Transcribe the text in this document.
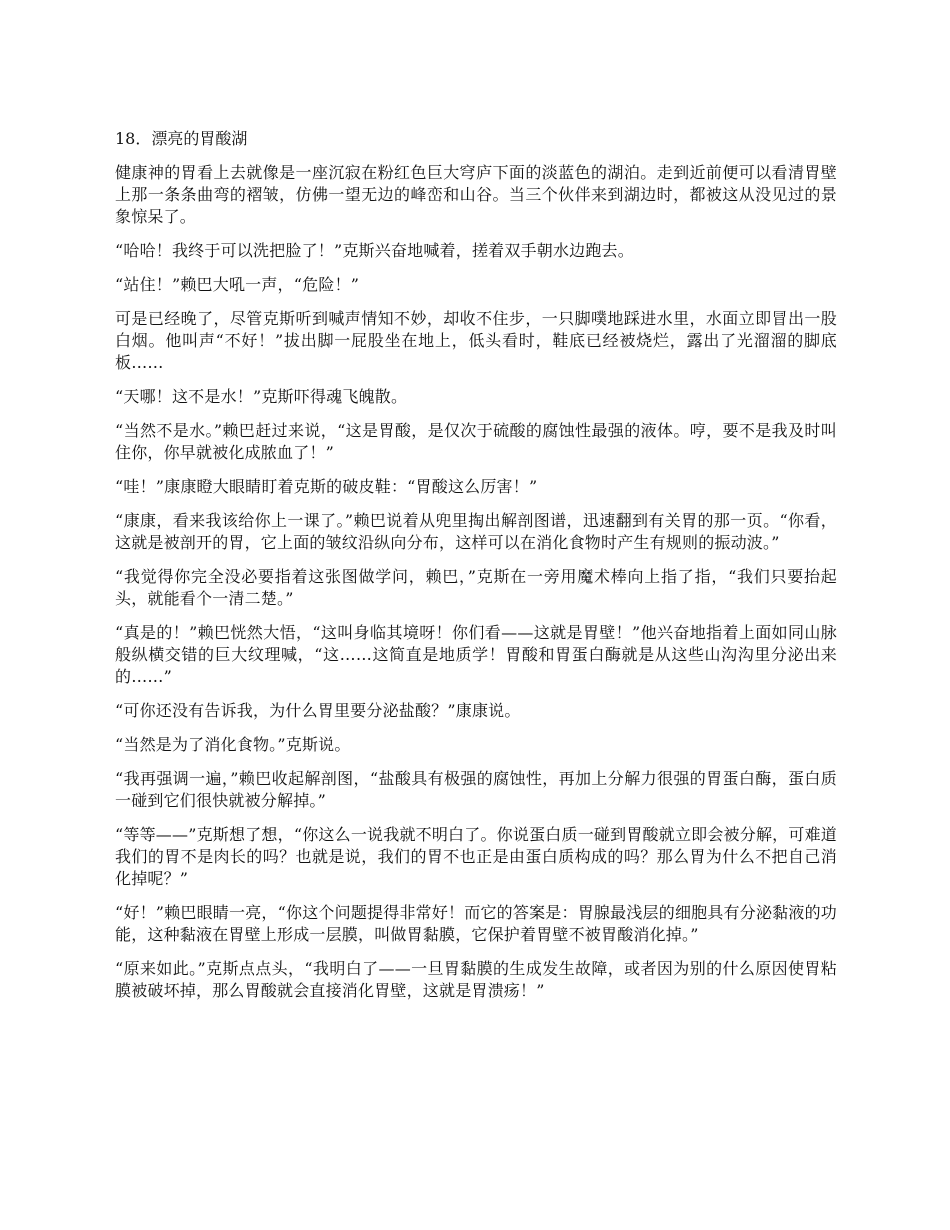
18．漂亮的胃酸湖

健康神的胃看上去就像是一座沉寂在粉红色巨大穹庐下面的淡蓝色的湖泊。走到近前便可以看清胃壁上那一条条曲弯的褶皱，仿佛一望无边的峰峦和山谷。当三个伙伴来到湖边时，都被这从没见过的景象惊呆了。

“哈哈！我终于可以洗把脸了！”克斯兴奋地喊着，搓着双手朝水边跑去。

“站住！”赖巴大吼一声，“危险！”

可是已经晚了，尽管克斯听到喊声情知不妙，却收不住步，一只脚噗地踩进水里，水面立即冒出一股白烟。他叫声“不好！”拔出脚一屁股坐在地上，低头看时，鞋底已经被烧烂，露出了光溜溜的脚底板……

“天哪！这不是水！”克斯吓得魂飞魄散。

“当然不是水。”赖巴赶过来说，“这是胃酸，是仅次于硫酸的腐蚀性最强的液体。哼，要不是我及时叫住你，你早就被化成脓血了！”

“哇！”康康瞪大眼睛盯着克斯的破皮鞋：“胃酸这么厉害！”

“康康，看来我该给你上一课了。”赖巴说着从兜里掏出解剖图谱，迅速翻到有关胃的那一页。“你看，这就是被剖开的胃，它上面的皱纹沿纵向分布，这样可以在消化食物时产生有规则的振动波。”

“我觉得你完全没必要指着这张图做学问，赖巴，”克斯在一旁用魔术棒向上指了指，“我们只要抬起头，就能看个一清二楚。”

“真是的！”赖巴恍然大悟，“这叫身临其境呀！你们看——这就是胃壁！”他兴奋地指着上面如同山脉般纵横交错的巨大纹理喊，“这……这简直是地质学！胃酸和胃蛋白酶就是从这些山沟沟里分泌出来的……”

“可你还没有告诉我，为什么胃里要分泌盐酸？”康康说。

“当然是为了消化食物。”克斯说。

“我再强调一遍，”赖巴收起解剖图，“盐酸具有极强的腐蚀性，再加上分解力很强的胃蛋白酶，蛋白质一碰到它们很快就被分解掉。”

“等等——”克斯想了想，“你这么一说我就不明白了。你说蛋白质一碰到胃酸就立即会被分解，可难道我们的胃不是肉长的吗？也就是说，我们的胃不也正是由蛋白质构成的吗？那么胃为什么不把自己消化掉呢？”

“好！”赖巴眼睛一亮，“你这个问题提得非常好！而它的答案是：胃腺最浅层的细胞具有分泌黏液的功能，这种黏液在胃壁上形成一层膜，叫做胃黏膜，它保护着胃壁不被胃酸消化掉。”

“原来如此。”克斯点点头，“我明白了——一旦胃黏膜的生成发生故障，或者因为别的什么原因使胃粘膜被破坏掉，那么胃酸就会直接消化胃壁，这就是胃溃疡！”
